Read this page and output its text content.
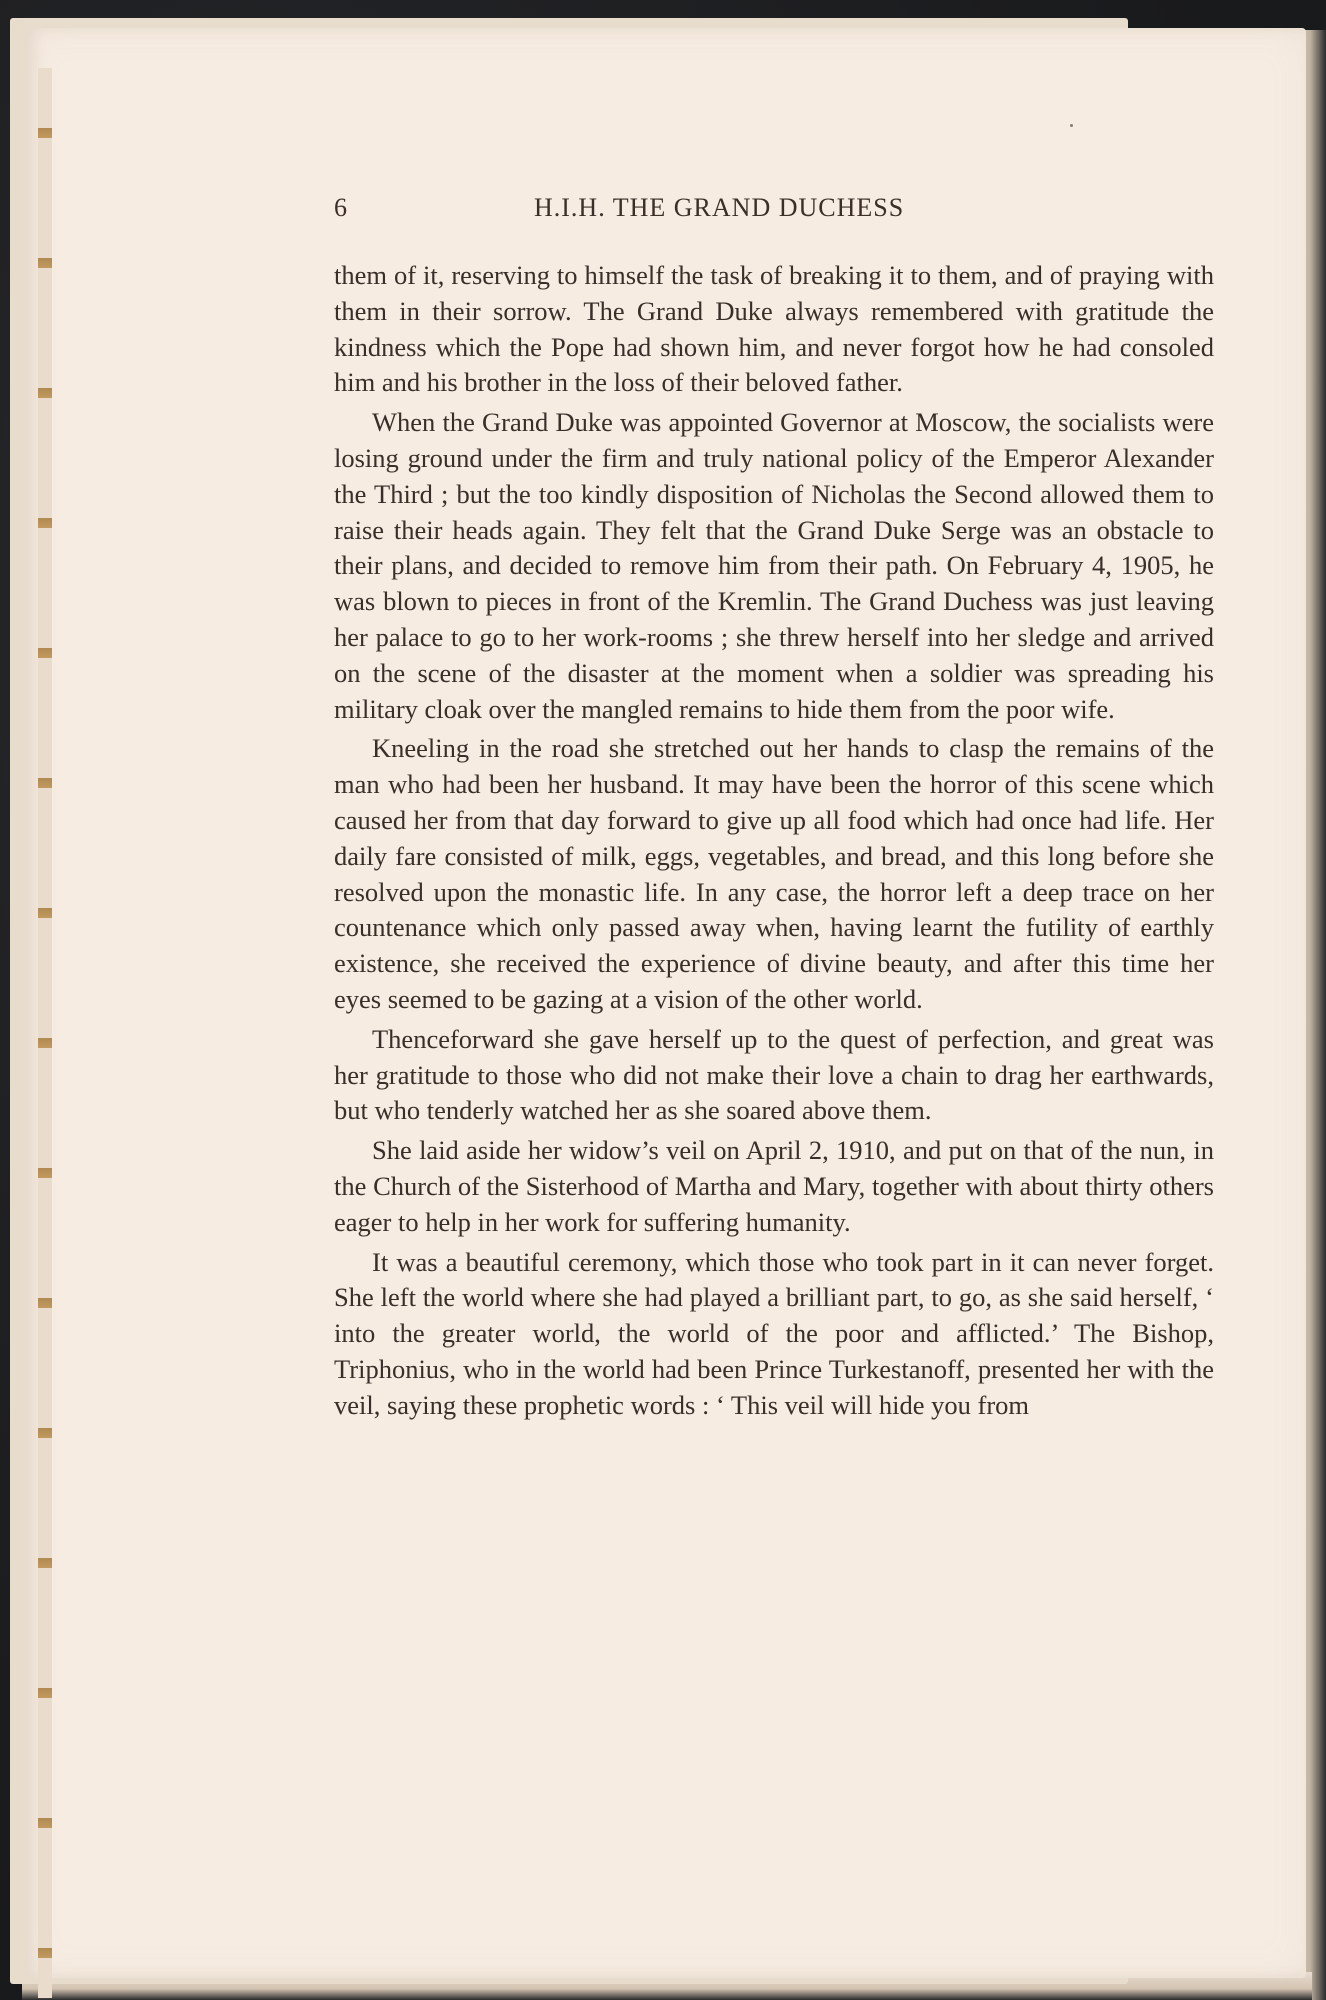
6	H.I.H. THE GRAND DUCHESS

them of it, reserving to himself the task of breaking it to them, and of praying with them in their sorrow. The Grand Duke always remembered with gratitude the kindness which the Pope had shown him, and never forgot how he had consoled him and his brother in the loss of their beloved father.

When the Grand Duke was appointed Governor at Moscow, the socialists were losing ground under the firm and truly national policy of the Emperor Alexander the Third ; but the too kindly disposition of Nicholas the Second allowed them to raise their heads again. They felt that the Grand Duke Serge was an obstacle to their plans, and decided to remove him from their path. On February 4, 1905, he was blown to pieces in front of the Kremlin. The Grand Duchess was just leaving her palace to go to her work-rooms ; she threw herself into her sledge and arrived on the scene of the disaster at the moment when a soldier was spreading his military cloak over the mangled remains to hide them from the poor wife.

Kneeling in the road she stretched out her hands to clasp the remains of the man who had been her husband. It may have been the horror of this scene which caused her from that day forward to give up all food which had once had life. Her daily fare consisted of milk, eggs, vegetables, and bread, and this long before she resolved upon the monastic life. In any case, the horror left a deep trace on her countenance which only passed away when, having learnt the futility of earthly existence, she received the experience of divine beauty, and after this time her eyes seemed to be gazing at a vision of the other world.

Thenceforward she gave herself up to the quest of perfection, and great was her gratitude to those who did not make their love a chain to drag her earthwards, but who tenderly watched her as she soared above them.

She laid aside her widow’s veil on April 2, 1910, and put on that of the nun, in the Church of the Sisterhood of Martha and Mary, together with about thirty others eager to help in her work for suffering humanity.

It was a beautiful ceremony, which those who took part in it can never forget. She left the world where she had played a brilliant part, to go, as she said herself, ‘ into the greater world, the world of the poor and afflicted.’ The Bishop, Triphonius, who in the world had been Prince Turkestanoff, presented her with the veil, saying these prophetic words : ‘ This veil will hide you from
